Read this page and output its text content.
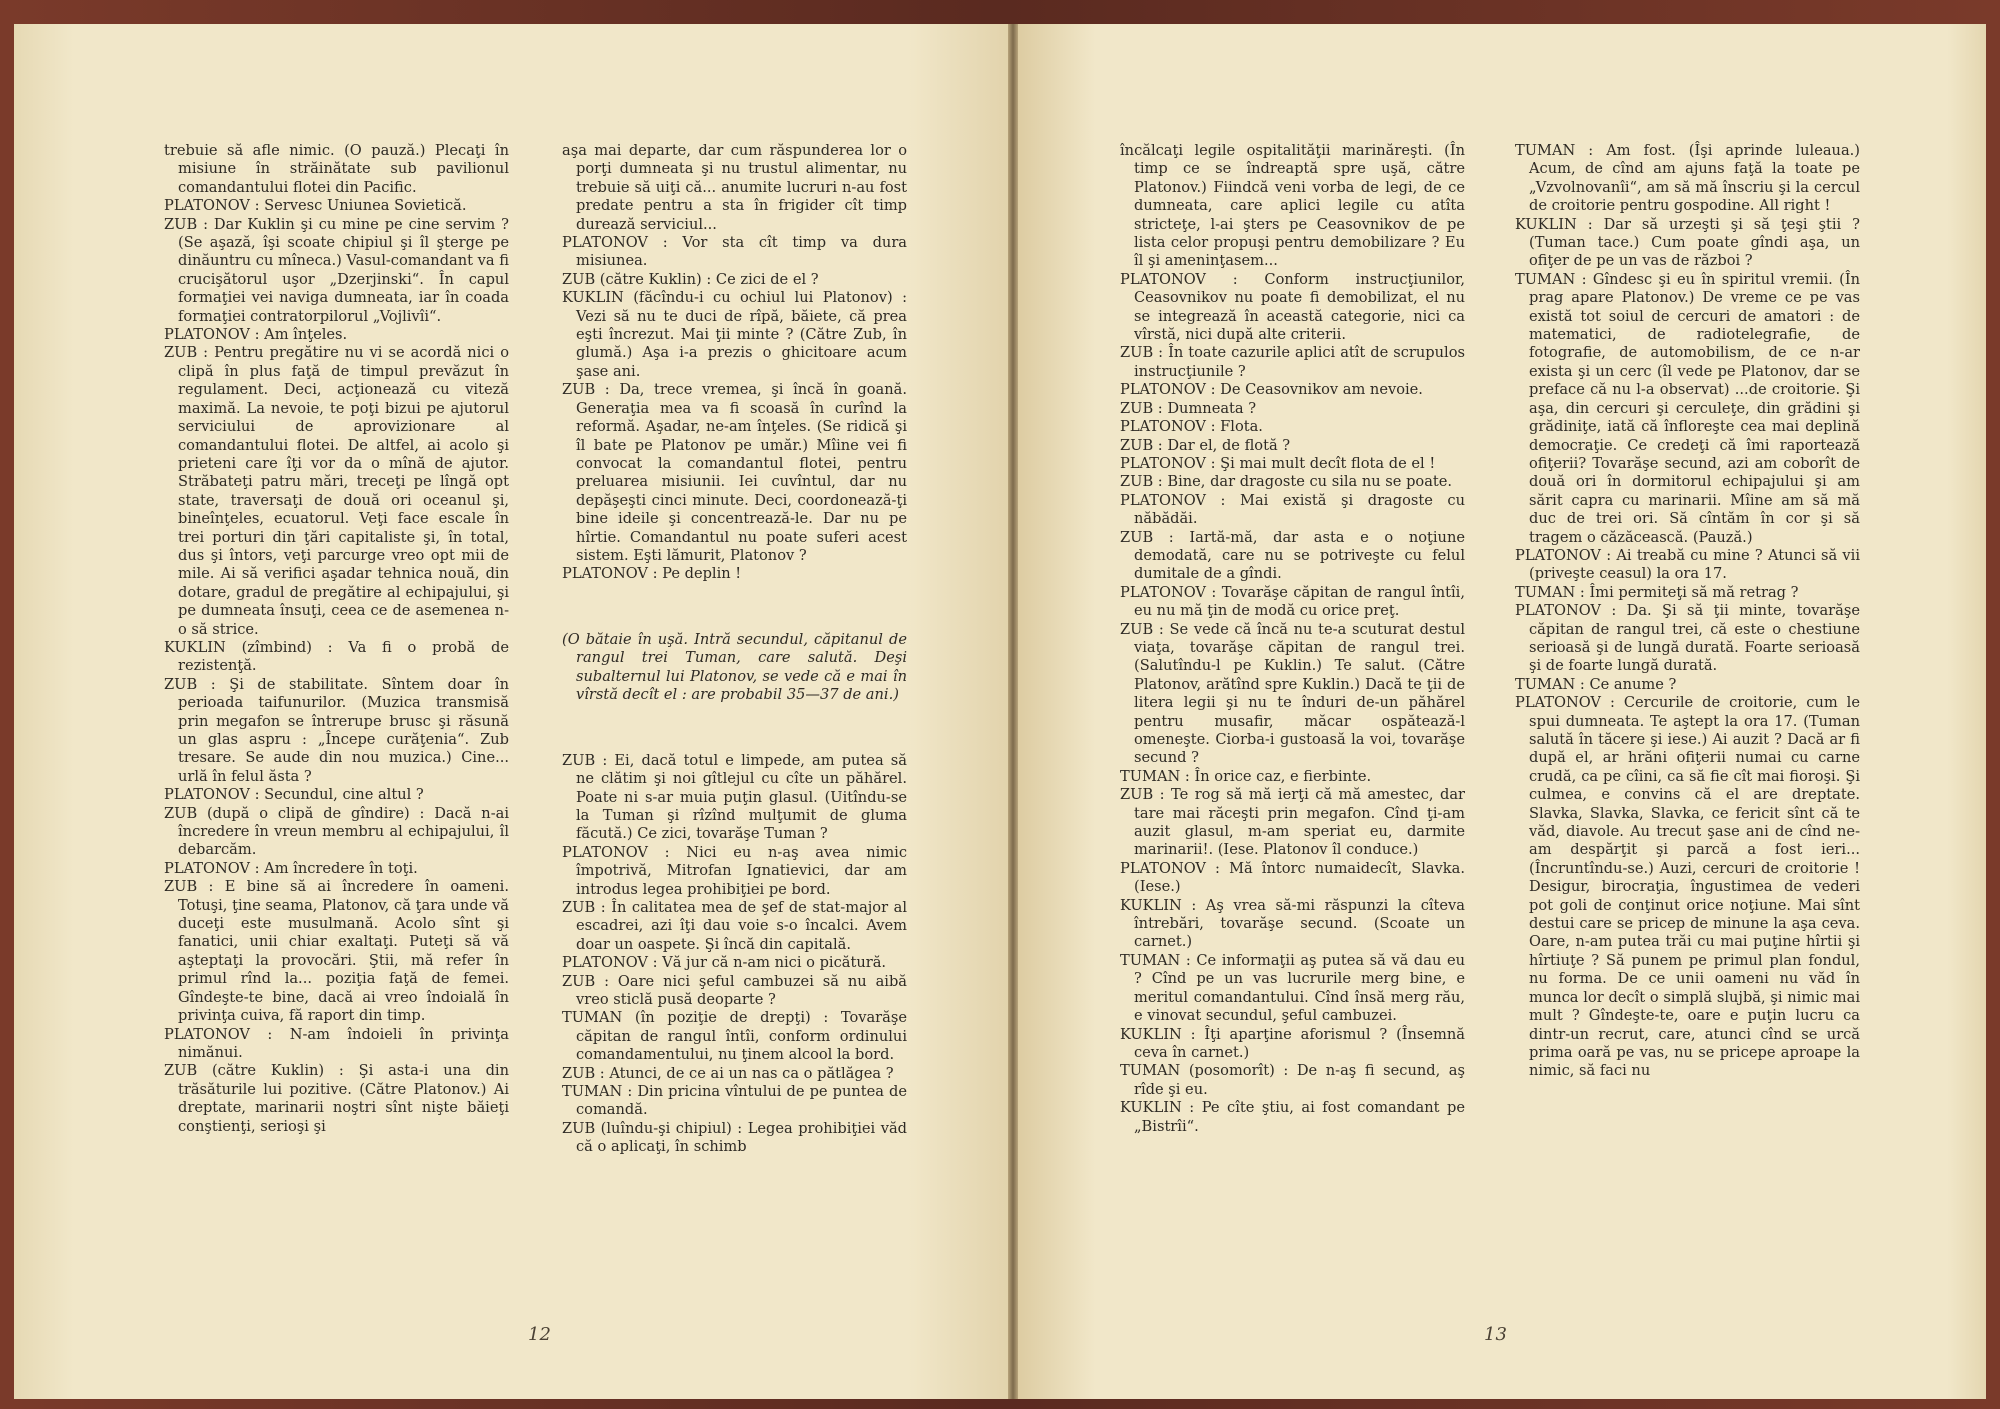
trebuie să afle nimic. (O pauză.) Plecaţi în misiune în străinătate sub pavilionul comandantului flotei din Pacific.

PLATONOV : Servesc Uniunea Sovietică.

ZUB : Dar Kuklin şi cu mine pe cine servim ? (Se aşază, îşi scoate chipiul şi îl şterge pe dinăuntru cu mîneca.) Vasul-comandant va fi crucişătorul uşor „Dzerjinski“. În capul formaţiei vei naviga dumneata, iar în coada formaţiei contratorpilorul „Vojlivîi“.

PLATONOV : Am înţeles.

ZUB : Pentru pregătire nu vi se acordă nici o clipă în plus faţă de timpul prevăzut în regulament. Deci, acţionează cu viteză maximă. La nevoie, te poţi bizui pe ajutorul serviciului de aprovizionare al comandantului flotei. De altfel, ai acolo şi prieteni care îţi vor da o mînă de ajutor. Străbateţi patru mări, treceţi pe lîngă opt state, traversaţi de două ori oceanul şi, bineînţeles, ecuatorul. Veţi face escale în trei porturi din ţări capitaliste şi, în total, dus şi întors, veţi parcurge vreo opt mii de mile. Ai să verifici aşadar tehnica nouă, din dotare, gradul de pregătire al echipajului, şi pe dumneata însuţi, ceea ce de asemenea n-o să strice.

KUKLIN (zîmbind) : Va fi o probă de rezistenţă.

ZUB : Şi de stabilitate. Sîntem doar în perioada taifunurilor. (Muzica transmisă prin megafon se întrerupe brusc şi răsună un glas aspru : „Începe curăţenia“. Zub tresare. Se aude din nou muzica.) Cine... urlă în felul ăsta ?

PLATONOV : Secundul, cine altul ?

ZUB (după o clipă de gîndire) : Dacă n-ai încredere în vreun membru al echipajului, îl debarcăm.

PLATONOV : Am încredere în toţi.

ZUB : E bine să ai încredere în oameni. Totuşi, ţine seama, Platonov, că ţara unde vă duceţi este musulmană. Acolo sînt şi fanatici, unii chiar exaltaţi. Puteţi să vă aşteptaţi la provocări. Ştii, mă refer în primul rînd la... poziţia faţă de femei. Gîndeşte-te bine, dacă ai vreo îndoială în privinţa cuiva, fă raport din timp.

PLATONOV : N-am îndoieli în privinţa nimănui.

ZUB (către Kuklin) : Şi asta-i una din trăsăturile lui pozitive. (Către Platonov.) Ai dreptate, marinarii noştri sînt nişte băieţi conştienţi, serioşi şi

aşa mai departe, dar cum răspunderea lor o porţi dumneata şi nu trustul alimentar, nu trebuie să uiţi că... anumite lucruri n-au fost predate pentru a sta în frigider cît timp durează serviciul...

PLATONOV : Vor sta cît timp va dura misiunea.

ZUB (către Kuklin) : Ce zici de el ?

KUKLIN (făcîndu-i cu ochiul lui Platonov) : Vezi să nu te duci de rîpă, băiete, că prea eşti încrezut. Mai ţii minte ? (Către Zub, în glumă.) Aşa i-a prezis o ghicitoare acum şase ani.

ZUB : Da, trece vremea, şi încă în goană. Generaţia mea va fi scoasă în curînd la reformă. Aşadar, ne-am înţeles. (Se ridică şi îl bate pe Platonov pe umăr.) Mîine vei fi convocat la comandantul flotei, pentru preluarea misiunii. Iei cuvîntul, dar nu depăşeşti cinci minute. Deci, coordonează-ţi bine ideile şi concentrează-le. Dar nu pe hîrtie. Comandantul nu poate suferi acest sistem. Eşti lămurit, Platonov ?

PLATONOV : Pe deplin !

(O bătaie în uşă. Intră secundul, căpitanul de rangul trei Tuman, care salută. Deşi subalternul lui Platonov, se vede că e mai în vîrstă decît el : are probabil 35—37 de ani.)

ZUB : Ei, dacă totul e limpede, am putea să ne clătim şi noi gîtlejul cu cîte un păhărel. Poate ni s-ar muia puţin glasul. (Uitîndu-se la Tuman şi rîzînd mulţumit de gluma făcută.) Ce zici, tovarăşe Tuman ?

PLATONOV : Nici eu n-aş avea nimic împotrivă, Mitrofan Ignatievici, dar am introdus legea prohibiţiei pe bord.

ZUB : În calitatea mea de şef de stat-major al escadrei, azi îţi dau voie s-o încalci. Avem doar un oaspete. Şi încă din capitală.

PLATONOV : Vă jur că n-am nici o picătură.

ZUB : Oare nici şeful cambuzei să nu aibă vreo sticlă pusă deoparte ?

TUMAN (în poziţie de drepţi) : Tovarăşe căpitan de rangul întîi, conform ordinului comandamentului, nu ţinem alcool la bord.

ZUB : Atunci, de ce ai un nas ca o pătlăgea ?

TUMAN : Din pricina vîntului de pe puntea de comandă.

ZUB (luîndu-şi chipiul) : Legea prohibiţiei văd că o aplicaţi, în schimb

12

încălcaţi legile ospitalităţii marinăreşti. (În timp ce se îndreaptă spre uşă, către Platonov.) Fiindcă veni vorba de legi, de ce dumneata, care aplici legile cu atîta stricteţe, l-ai şters pe Ceasovnikov de pe lista celor propuşi pentru demobilizare ? Eu îl şi ameninţasem...

PLATONOV : Conform instrucţiunilor, Ceasovnikov nu poate fi demobilizat, el nu se integrează în această categorie, nici ca vîrstă, nici după alte criterii.

ZUB : În toate cazurile aplici atît de scrupulos instrucţiunile ?

PLATONOV : De Ceasovnikov am nevoie.

ZUB : Dumneata ?

PLATONOV : Flota.

ZUB : Dar el, de flotă ?

PLATONOV : Şi mai mult decît flota de el !

ZUB : Bine, dar dragoste cu sila nu se poate.

PLATONOV : Mai există şi dragoste cu năbădăi.

ZUB : Iartă-mă, dar asta e o noţiune demodată, care nu se potriveşte cu felul dumitale de a gîndi.

PLATONOV : Tovarăşe căpitan de rangul întîi, eu nu mă ţin de modă cu orice preţ.

ZUB : Se vede că încă nu te-a scuturat destul viaţa, tovarăşe căpitan de rangul trei. (Salutîndu-l pe Kuklin.) Te salut. (Către Platonov, arătînd spre Kuklin.) Dacă te ţii de litera legii şi nu te înduri de-un păhărel pentru musafir, măcar ospătează-l omeneşte. Ciorba-i gustoasă la voi, tovarăşe secund ?

TUMAN : În orice caz, e fierbinte.

ZUB : Te rog să mă ierţi că mă amestec, dar tare mai răceşti prin megafon. Cînd ţi-am auzit glasul, m-am speriat eu, darmite marinarii!. (Iese. Platonov îl conduce.)

PLATONOV : Mă întorc numaidecît, Slavka. (Iese.)

KUKLIN : Aş vrea să-mi răspunzi la cîteva întrebări, tovarăşe secund. (Scoate un carnet.)

TUMAN : Ce informaţii aş putea să vă dau eu ? Cînd pe un vas lucrurile merg bine, e meritul comandantului. Cînd însă merg rău, e vinovat secundul, şeful cambuzei.

KUKLIN : Îţi aparţine aforismul ? (Însemnă ceva în carnet.)

TUMAN (posomorît) : De n-aş fi secund, aş rîde şi eu.

KUKLIN : Pe cîte ştiu, ai fost comandant pe „Bistrîi“.

TUMAN : Am fost. (Îşi aprinde luleaua.) Acum, de cînd am ajuns faţă la toate pe „Vzvolnovanîi“, am să mă înscriu şi la cercul de croitorie pentru gospodine. All right !

KUKLIN : Dar să urzeşti şi să ţeşi ştii ? (Tuman tace.) Cum poate gîndi aşa, un ofiţer de pe un vas de război ?

TUMAN : Gîndesc şi eu în spiritul vremii. (În prag apare Platonov.) De vreme ce pe vas există tot soiul de cercuri de amatori : de matematici, de radiotelegrafie, de fotografie, de automobilism, de ce n-ar exista şi un cerc (îl vede pe Platonov, dar se preface că nu l-a observat) ...de croitorie. Şi aşa, din cercuri şi cerculeţe, din grădini şi grădiniţe, iată că înfloreşte cea mai deplină democraţie. Ce credeţi că îmi raportează ofiţerii? Tovarăşe secund, azi am coborît de două ori în dormitorul echipajului şi am sărit capra cu marinarii. Mîine am să mă duc de trei ori. Să cîntăm în cor şi să tragem o căzăcească. (Pauză.)

PLATONOV : Ai treabă cu mine ? Atunci să vii (priveşte ceasul) la ora 17.

TUMAN : Îmi permiteţi să mă retrag ?

PLATONOV : Da. Şi să ţii minte, tovarăşe căpitan de rangul trei, că este o chestiune serioasă şi de lungă durată. Foarte serioasă şi de foarte lungă durată.

TUMAN : Ce anume ?

PLATONOV : Cercurile de croitorie, cum le spui dumneata. Te aştept la ora 17. (Tuman salută în tăcere şi iese.) Ai auzit ? Dacă ar fi după el, ar hrăni ofiţerii numai cu carne crudă, ca pe cîini, ca să fie cît mai fioroşi. Şi culmea, e convins că el are dreptate. Slavka, Slavka, Slavka, ce fericit sînt că te văd, diavole. Au trecut şase ani de cînd ne-am despărţit şi parcă a fost ieri... (Încruntîndu-se.) Auzi, cercuri de croitorie ! Desigur, birocraţia, îngustimea de vederi pot goli de conţinut orice noţiune. Mai sînt destui care se pricep de minune la aşa ceva. Oare, n-am putea trăi cu mai puţine hîrtii şi hîrtiuţe ? Să punem pe primul plan fondul, nu forma. De ce unii oameni nu văd în munca lor decît o simplă slujbă, şi nimic mai mult ? Gîndeşte-te, oare e puţin lucru ca dintr-un recrut, care, atunci cînd se urcă prima oară pe vas, nu se pricepe aproape la nimic, să faci nu

13
